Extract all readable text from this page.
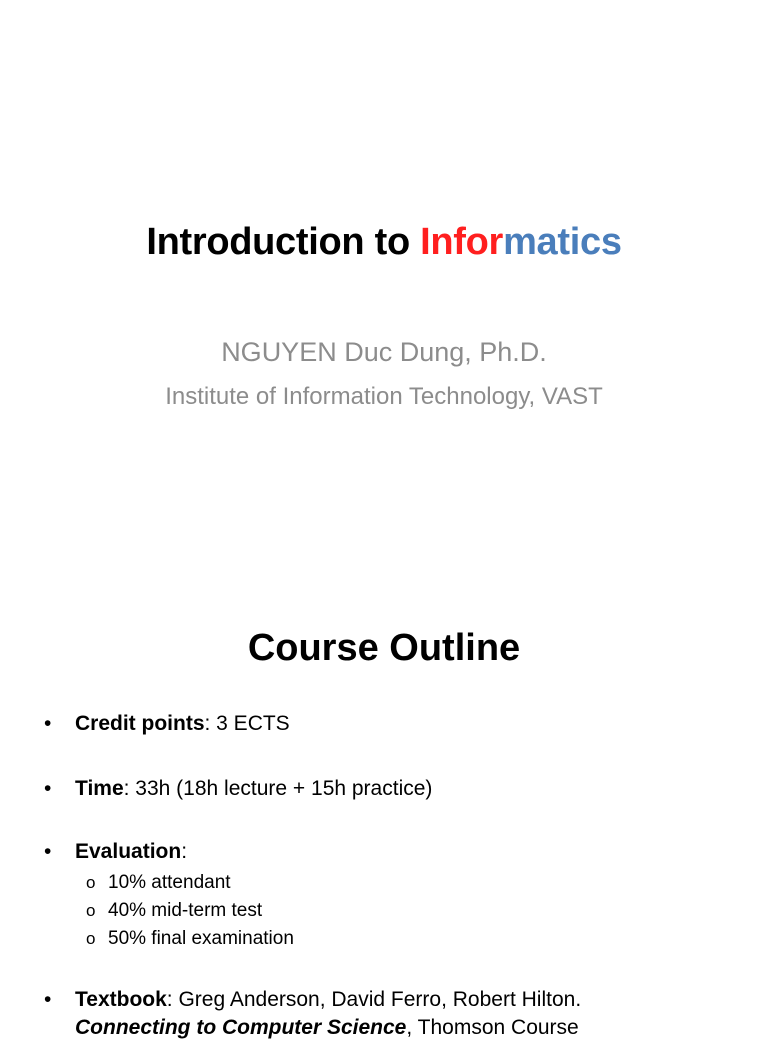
Introduction to Informatics
NGUYEN Duc Dung, Ph.D.
Institute of Information Technology, VAST
Course Outline
• Credit points: 3 ECTS
• Time: 33h (18h lecture + 15h practice)
• Evaluation:
o 10% attendant
o 40% mid-term test
o 50% final examination
• Textbook: Greg Anderson, David Ferro, Robert Hilton.
Connecting to Computer Science, Thomson Course
